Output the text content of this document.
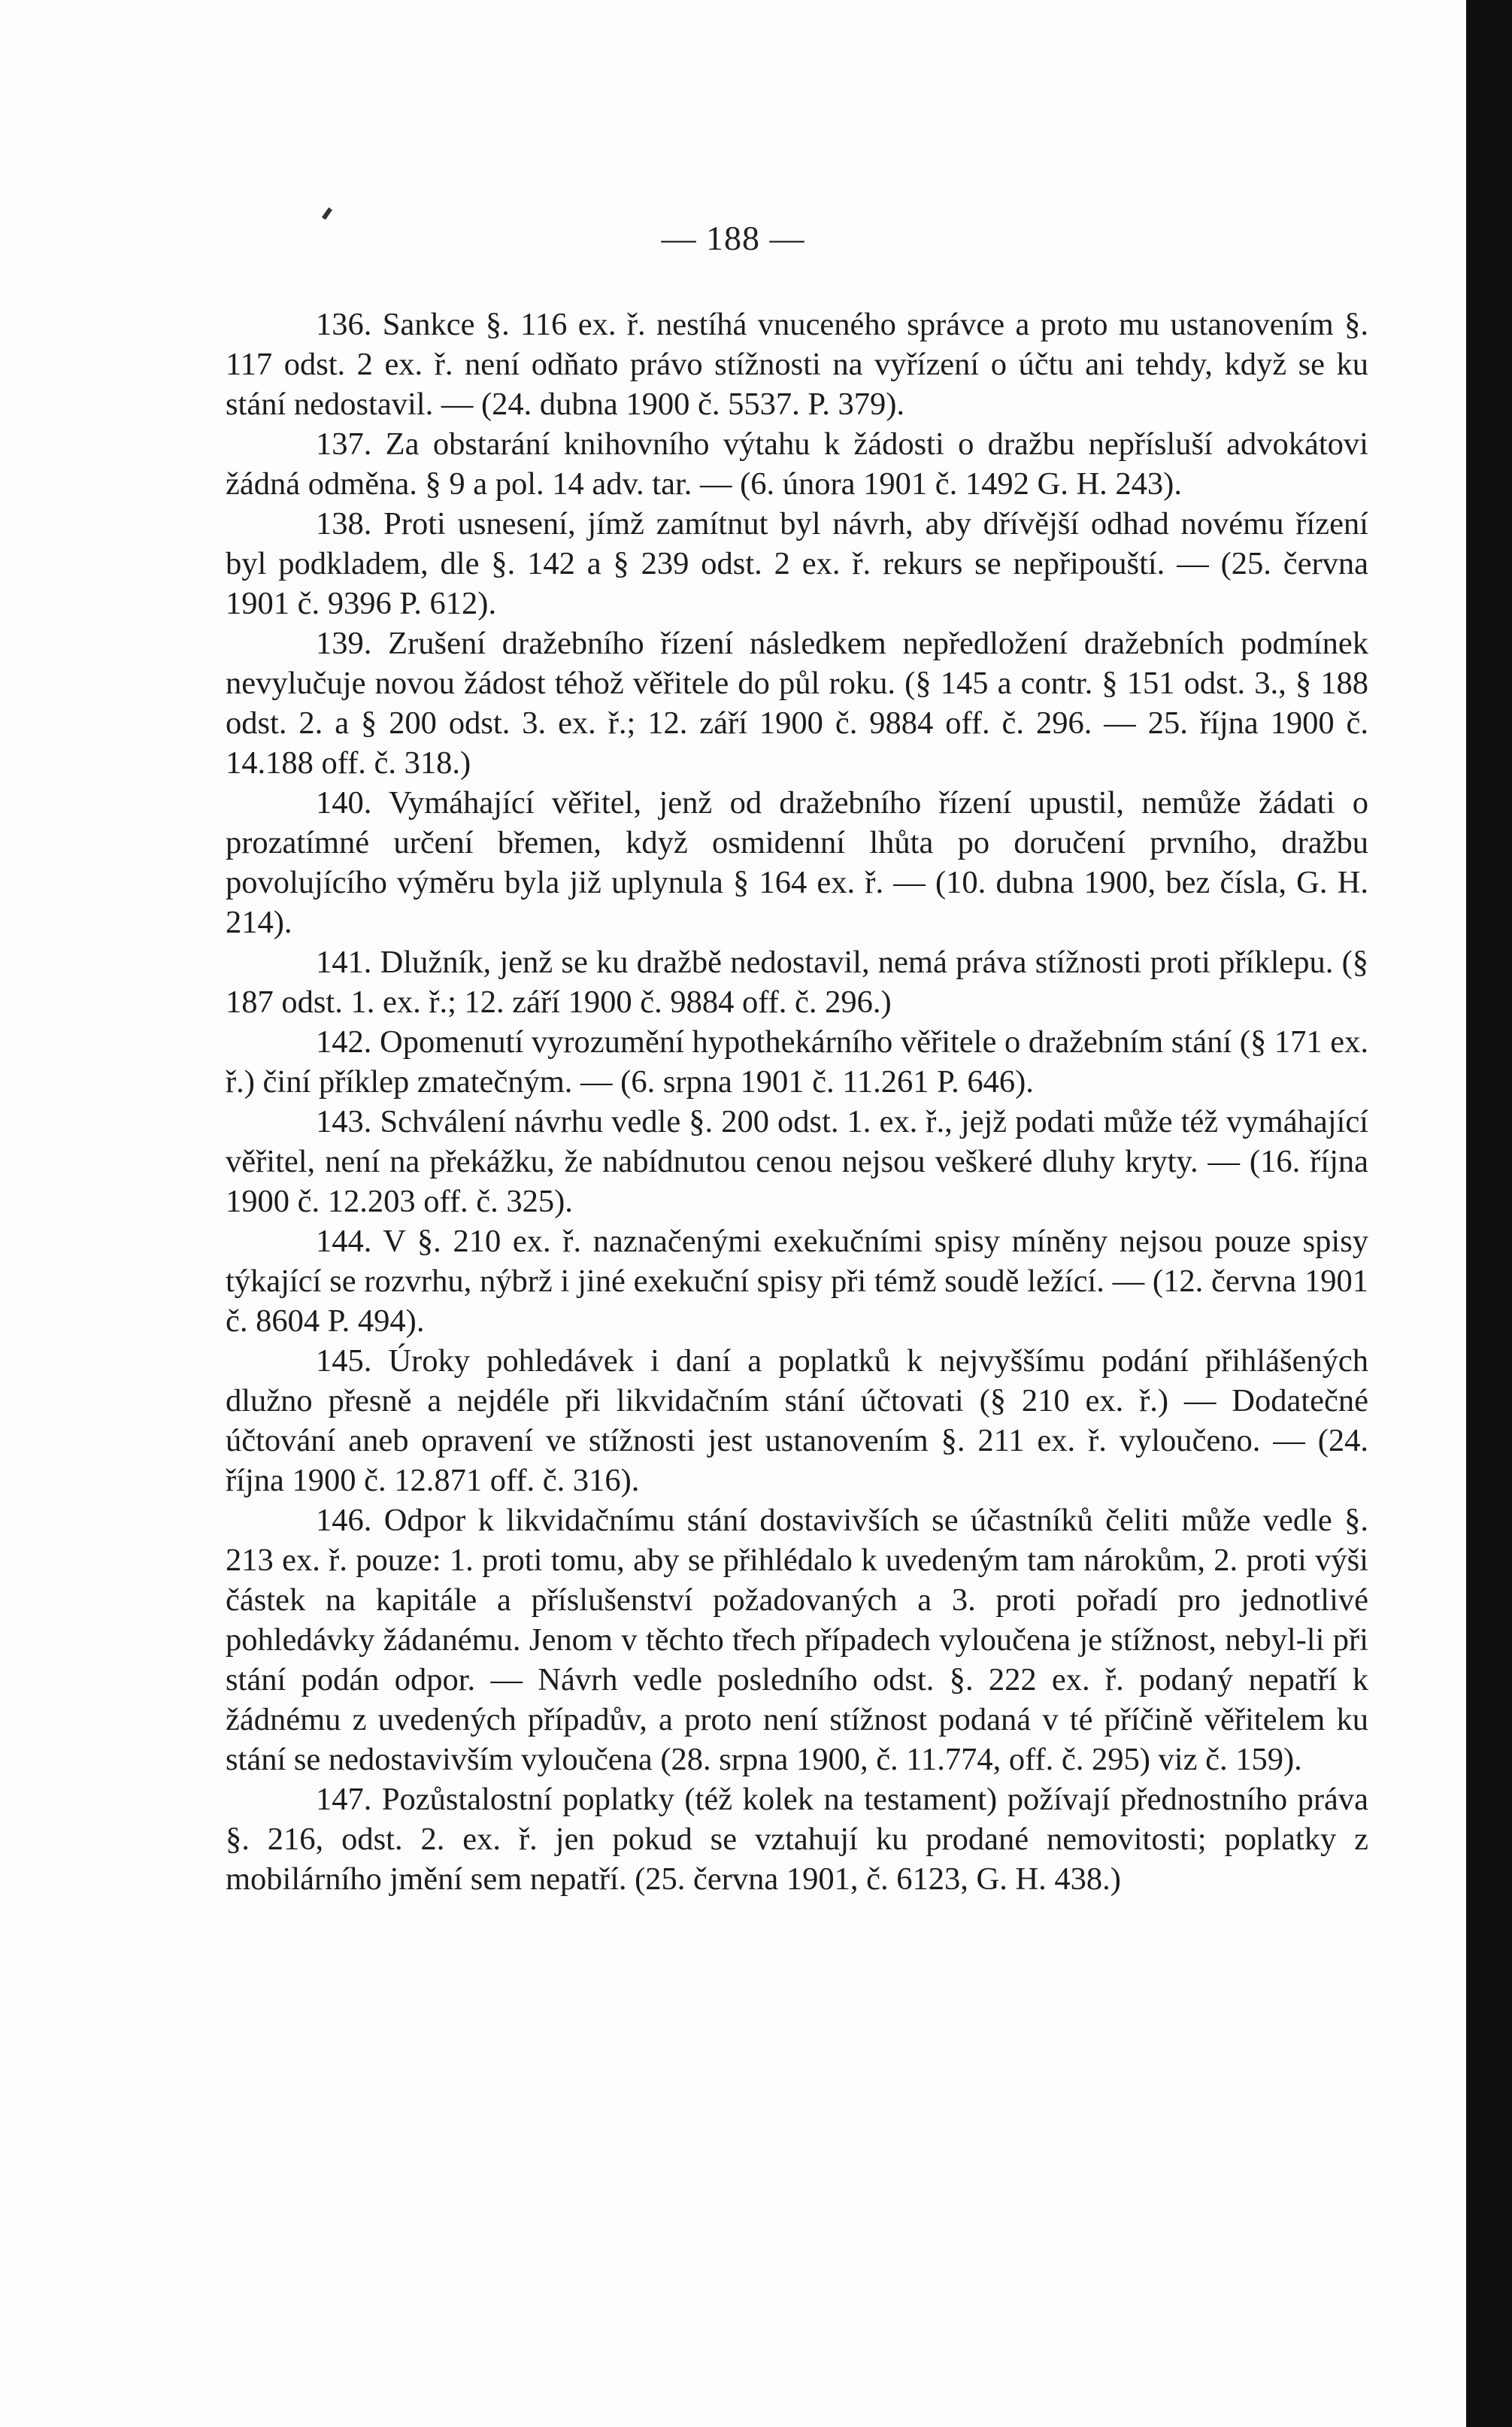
— 188 —

136. Sankce §. 116 ex. ř. nestíhá vnuceného správce a proto mu ustanovením §. 117 odst. 2 ex. ř. není odňato právo stížnosti na vyřízení o účtu ani tehdy, když se ku stání nedostavil. — (24. dubna 1900 č. 5537. P. 379).

137. Za obstarání knihovního výtahu k žádosti o dražbu nepřísluší advokátovi žádná odměna. § 9 a pol. 14 adv. tar. — (6. února 1901 č. 1492 G. H. 243).

138. Proti usnesení, jímž zamítnut byl návrh, aby dřívější odhad novému řízení byl podkladem, dle §. 142 a § 239 odst. 2 ex. ř. rekurs se nepřipouští. — (25. června 1901 č. 9396 P. 612).

139. Zrušení dražebního řízení následkem nepředložení dražebních podmínek nevylučuje novou žádost téhož věřitele do půl roku. (§ 145 a contr. § 151 odst. 3., § 188 odst. 2. a § 200 odst. 3. ex. ř.; 12. září 1900 č. 9884 off. č. 296. — 25. října 1900 č. 14.188 off. č. 318.)

140. Vymáhající věřitel, jenž od dražebního řízení upustil, nemůže žádati o prozatímné určení břemen, když osmidenní lhůta po doručení prvního, dražbu povolujícího výměru byla již uplynula § 164 ex. ř. — (10. dubna 1900, bez čísla, G. H. 214).

141. Dlužník, jenž se ku dražbě nedostavil, nemá práva stížnosti proti příklepu. (§ 187 odst. 1. ex. ř.; 12. září 1900 č. 9884 off. č. 296.)

142. Opomenutí vyrozumění hypothekárního věřitele o dražebním stání (§ 171 ex. ř.) činí příklep zmatečným. — (6. srpna 1901 č. 11.261 P. 646).

143. Schválení návrhu vedle §. 200 odst. 1. ex. ř., jejž podati může též vymáhající věřitel, není na překážku, že nabídnutou cenou nejsou veškeré dluhy kryty. — (16. října 1900 č. 12.203 off. č. 325).

144. V §. 210 ex. ř. naznačenými exekučními spisy míněny nejsou pouze spisy týkající se rozvrhu, nýbrž i jiné exekuční spisy při témž soudě ležící. — (12. června 1901 č. 8604 P. 494).

145. Úroky pohledávek i daní a poplatků k nejvyššímu podání přihlášených dlužno přesně a nejdéle při likvidačním stání účtovati (§ 210 ex. ř.) — Dodatečné účtování aneb opravení ve stížnosti jest ustanovením §. 211 ex. ř. vyloučeno. — (24. října 1900 č. 12.871 off. č. 316).

146. Odpor k likvidačnímu stání dostavivších se účastníků čeliti může vedle §. 213 ex. ř. pouze: 1. proti tomu, aby se přihlédalo k uvedeným tam nárokům, 2. proti výši částek na kapitále a příslušenství požadovaných a 3. proti pořadí pro jednotlivé pohledávky žádanému. Jenom v těchto třech případech vyloučena je stížnost, nebyl-li při stání podán odpor. — Návrh vedle posledního odst. §. 222 ex. ř. podaný nepatří k žádnému z uvedených případův, a proto není stížnost podaná v té příčině věřitelem ku stání se nedostavivším vyloučena (28. srpna 1900, č. 11.774, off. č. 295) viz č. 159).

147. Pozůstalostní poplatky (též kolek na testament) požívají přednostního práva §. 216, odst. 2. ex. ř. jen pokud se vztahují ku prodané nemovitosti; poplatky z mobilárního jmění sem nepatří. (25. června 1901, č. 6123, G. H. 438.)
